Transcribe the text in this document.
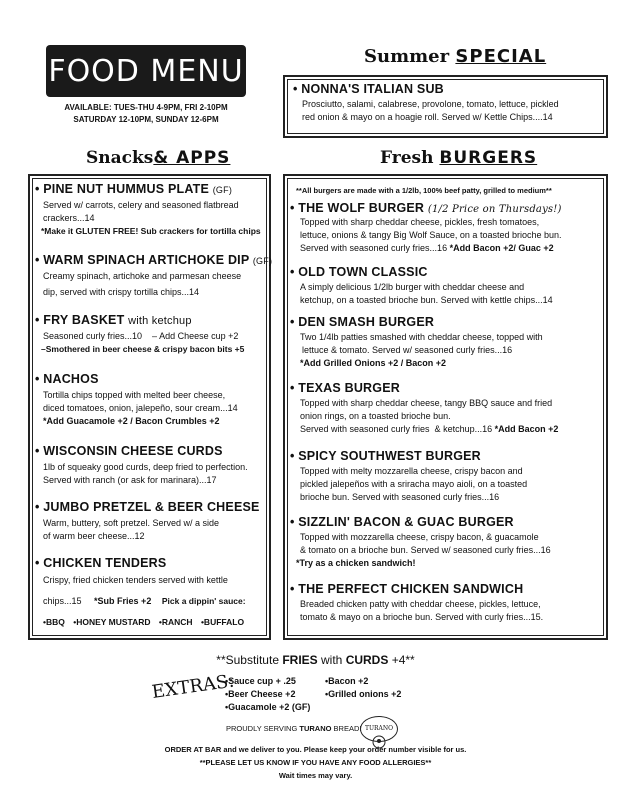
FOOD MENU
AVAILABLE: TUES-THU 4-9PM, FRI 2-10PM
SATURDAY 12-10PM, SUNDAY 12-6PM
Summer SPECIAL
• NONNA'S ITALIAN SUB
Prosciutto, salami, calabrese, provolone, tomato, lettuce, pickled
red onion & mayo on a hoagie roll. Served w/ Kettle Chips....14
Snacks& APPS
• PINE NUT HUMMUS PLATE (GF)
Served w/ carrots, celery and seasoned flatbread
crackers...14
*Make it GLUTEN FREE! Sub crackers for tortilla chips
• WARM SPINACH ARTICHOKE DIP (GF)
Creamy spinach, artichoke and parmesan cheese
dip, served with crispy tortilla chips...14
• FRY BASKET with ketchup
Seasoned curly fries...10    – Add Cheese cup +2
–Smothered in beer cheese & crispy bacon bits +5
• NACHOS
Tortilla chips topped with melted beer cheese,
diced tomatoes, onion, jalepeño, sour cream...14
*Add Guacamole +2 / Bacon Crumbles +2
• WISCONSIN CHEESE CURDS
1lb of squeaky good curds, deep fried to perfection.
Served with ranch (or ask for marinara)...17
• JUMBO PRETZEL & BEER CHEESE
Warm, buttery, soft pretzel. Served w/ a side
of warm beer cheese...12
• CHICKEN TENDERS
Crispy, fried chicken tenders served with kettle
chips...15 *Sub Fries +2 Pick a dippin' sauce:
•BBQ •HONEY MUSTARD •RANCH •BUFFALO
Fresh BURGERS
**All burgers are made with a 1/2lb, 100% beef patty, grilled to medium**
• THE WOLF BURGER (1/2 Price on Thursdays!)
Topped with sharp cheddar cheese, pickles, fresh tomatoes,
lettuce, onions & tangy Big Wolf Sauce, on a toasted brioche bun.
Served with seasoned curly fries...16 *Add Bacon +2/ Guac +2
• OLD TOWN CLASSIC
A simply delicious 1/2lb burger with cheddar cheese and
ketchup, on a toasted brioche bun. Served with kettle chips...14
• DEN SMASH BURGER
Two 1/4lb patties smashed with cheddar cheese, topped with
lettuce & tomato. Served w/ seasoned curly fries...16
*Add Grilled Onions +2 / Bacon +2
• TEXAS BURGER
Topped with sharp cheddar cheese, tangy BBQ sauce and fried
onion rings, on a toasted brioche bun.
Served with seasoned curly fries  & ketchup...16 *Add Bacon +2
• SPICY SOUTHWEST BURGER
Topped with melty mozzarella cheese, crispy bacon and
pickled jalepeños with a sriracha mayo aioli, on a toasted
brioche bun. Served with seasoned curly fries...16
• SIZZLIN' BACON & GUAC BURGER
Topped with mozzarella cheese, crispy bacon, & guacamole
& tomato on a brioche bun. Served w/ seasoned curly fries...16
*Try as a chicken sandwich!
• THE PERFECT CHICKEN SANDWICH
Breaded chicken patty with cheddar cheese, pickles, lettuce,
tomato & mayo on a brioche bun. Served with curly fries...15.
**Substitute FRIES with CURDS +4**
EXTRAS:
•Sauce cup + .25	•Bacon +2
•Beer Cheese +2	•Grilled onions +2
•Guacamole +2 (GF)
PROUDLY SERVING TURANO BREAD! TURANO
ORDER AT BAR and we deliver to you. Please keep your order number visible for us.
**PLEASE LET US KNOW IF YOU HAVE ANY FOOD ALLERGIES**
Wait times may vary.
